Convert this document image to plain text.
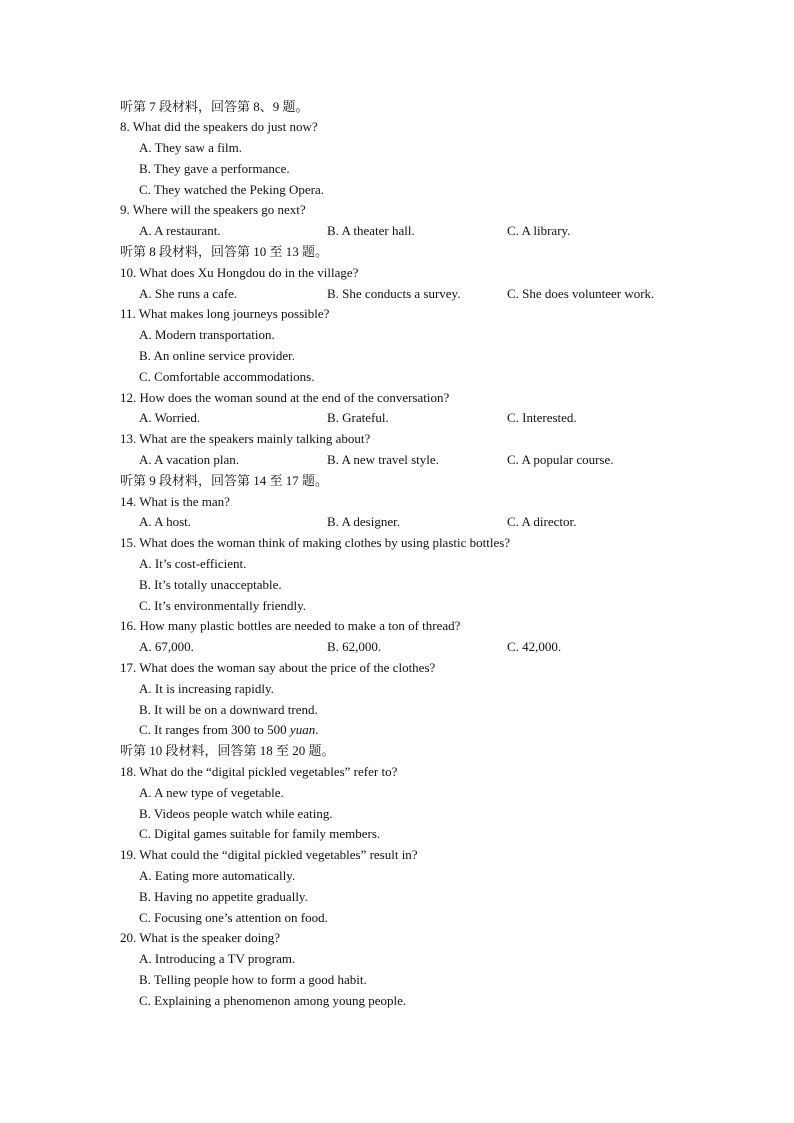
听第 7 段材料，回答第 8、9 题。
8. What did the speakers do just now?
A. They saw a film.
B. They gave a performance.
C. They watched the Peking Opera.
9. Where will the speakers go next?
A. A restaurant.	B. A theater hall.	C. A library.
听第 8 段材料，回答第 10 至 13 题。
10. What does Xu Hongdou do in the village?
A. She runs a cafe.	B. She conducts a survey.	C. She does volunteer work.
11. What makes long journeys possible?
A. Modern transportation.
B. An online service provider.
C. Comfortable accommodations.
12. How does the woman sound at the end of the conversation?
A. Worried.	B. Grateful.	C. Interested.
13. What are the speakers mainly talking about?
A. A vacation plan.	B. A new travel style.	C. A popular course.
听第 9 段材料，回答第 14 至 17 题。
14. What is the man?
A. A host.	B. A designer.	C. A director.
15. What does the woman think of making clothes by using plastic bottles?
A. It’s cost-efficient.
B. It’s totally unacceptable.
C. It’s environmentally friendly.
16. How many plastic bottles are needed to make a ton of thread?
A. 67,000.	B. 62,000.	C. 42,000.
17. What does the woman say about the price of the clothes?
A. It is increasing rapidly.
B. It will be on a downward trend.
C. It ranges from 300 to 500 yuan.
听第 10 段材料，回答第 18 至 20 题。
18. What do the “digital pickled vegetables” refer to?
A. A new type of vegetable.
B. Videos people watch while eating.
C. Digital games suitable for family members.
19. What could the “digital pickled vegetables” result in?
A. Eating more automatically.
B. Having no appetite gradually.
C. Focusing one’s attention on food.
20. What is the speaker doing?
A. Introducing a TV program.
B. Telling people how to form a good habit.
C. Explaining a phenomenon among young people.
